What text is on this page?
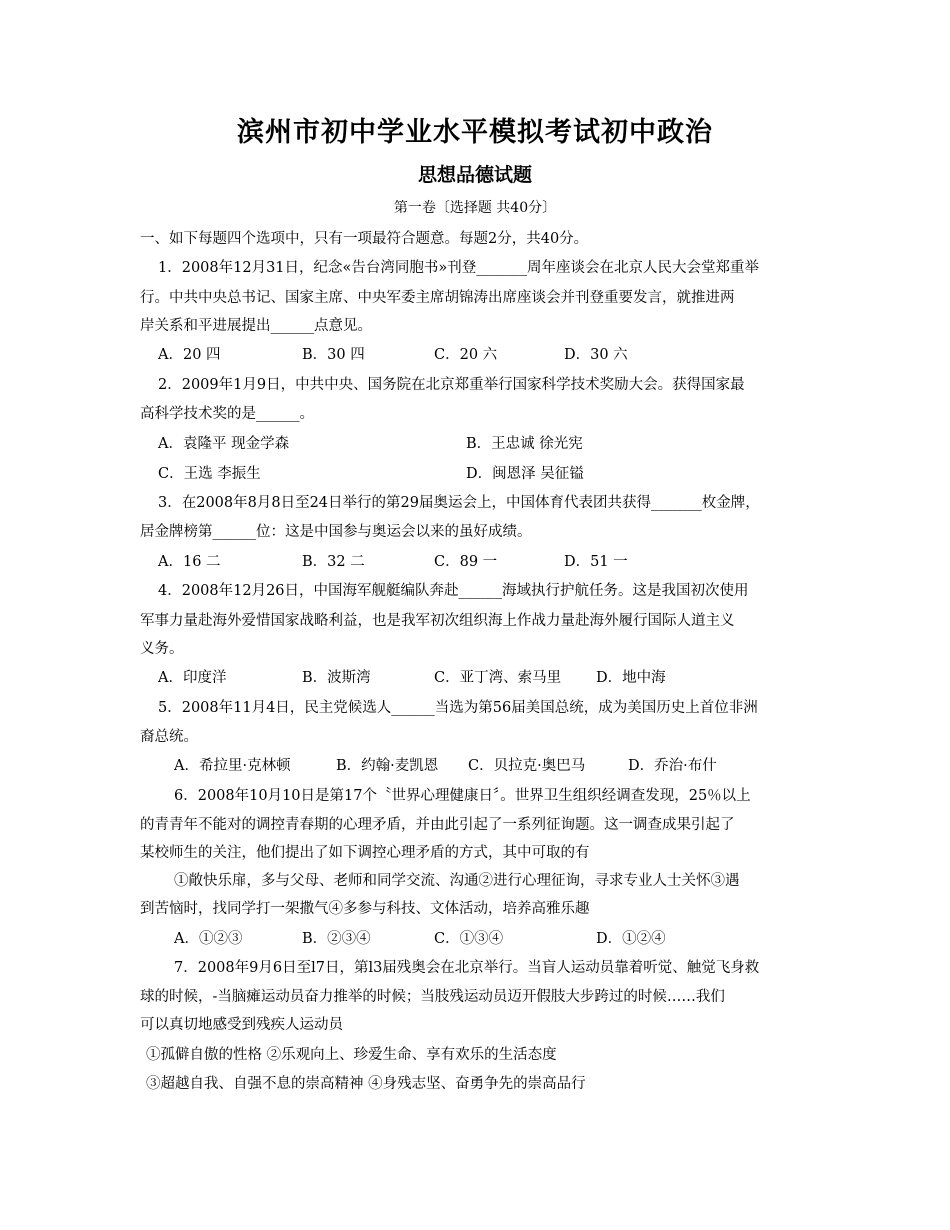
滨州市初中学业水平模拟考试初中政治
思想品德试题
第一卷〔选择题 共40分〕
一、如下每题四个选项中，只有一项最符合题意。每题2分，共40分。
1．2008年12月31日，纪念«告台湾同胞书»刊登_______周年座谈会在北京人民大会堂郑重举
行。中共中央总书记、国家主席、中央军委主席胡锦涛出席座谈会并刊登重要发言，就推进两
岸关系和平进展提出______点意见。
A．20 四	B．30 四	C．20 六	D．30 六
2．2009年1月9日，中共中央、国务院在北京郑重举行国家科学技术奖励大会。获得国家最
高科学技术奖的是______。
A．袁隆平 现金学森	B．王忠诚 徐光宪
C．王选 李振生	D．闽恩泽 吴征镒
3．在2008年8月8日至24日举行的第29届奥运会上，中国体育代表团共获得_______枚金牌，
居金牌榜第______位：这是中国参与奥运会以来的虽好成绩。
A．16 二	B．32 二	C．89 一	D．51 一
4．2008年12月26日，中国海军舰艇编队奔赴______海域执行护航任务。这是我国初次使用
军事力量赴海外爱惜国家战略利益，也是我军初次组织海上作战力量赴海外履行国际人道主义
义务。
A．印度洋	B．波斯湾	C．亚丁湾、索马里 D．地中海
5．2008年11月4日，民主党候选人______当选为第56届美国总统，成为美国历史上首位非洲
裔总统。
A．希拉里·克林顿	B．约翰·麦凯恩 C．贝拉克·奥巴马	D．乔治·布什
6．2008年10月10日是第17个〝世界心理健康日〞。世界卫生组织经调查发现，25％以上
的青青年不能对的调控青春期的心理矛盾，并由此引起了一系列征询题。这一调查成果引起了
某校师生的关注，他们提出了如下调控心理矛盾的方式，其中可取的有
①敞快乐扉，多与父母、老师和同学交流、沟通②进行心理征询，寻求专业人士关怀③遇
到苦恼时，找同学打一架撒气④多参与科技、文体活动，培养高雅乐趣
A．①②③	B．②③④	C．①③④	D．①②④
7．2008年9月6日至l7日，第l3届残奥会在北京举行。当盲人运动员靠着听觉、触觉飞身救
球的时候，-当脑瘫运动员奋力推举的时候；当肢残运动员迈开假肢大步跨过的时候……我们
可以真切地感受到残疾人运动员
①孤僻自傲的性格 ②乐观向上、珍爱生命、享有欢乐的生活态度
③超越自我、自强不息的崇高精神 ④身残志坚、奋勇争先的崇高品行
